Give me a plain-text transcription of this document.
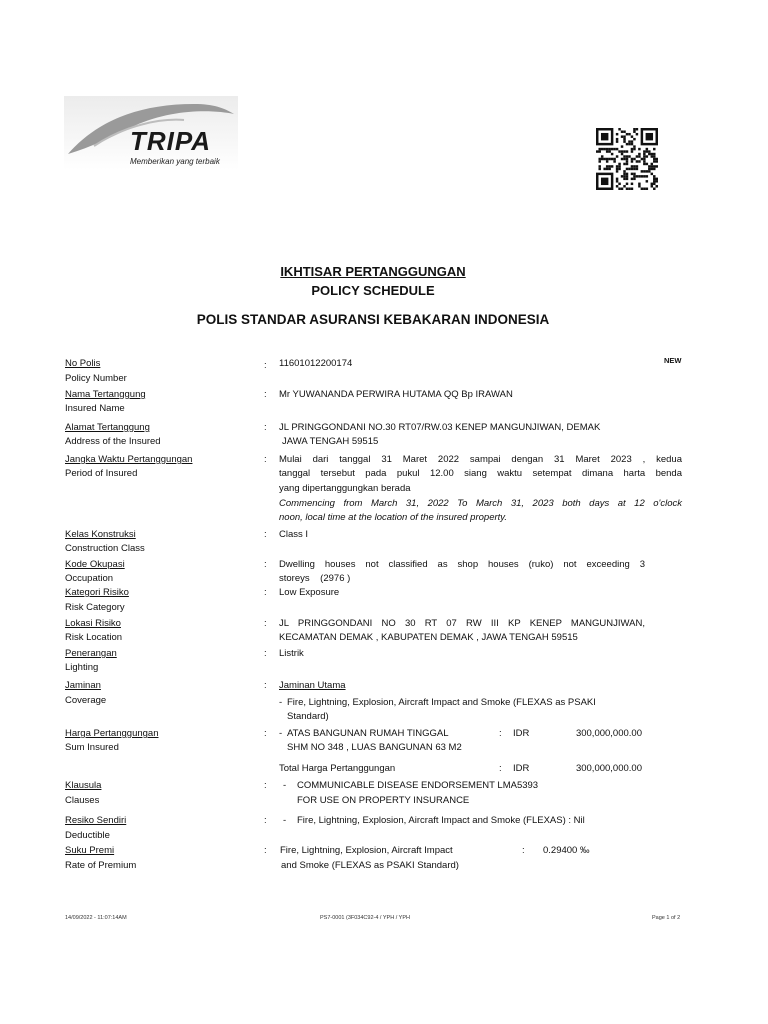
TRIPA
Memberikan yang terbaik
IKHTISAR PERTANGGUNGAN
POLICY SCHEDULE
POLIS STANDAR ASURANSI KEBAKARAN INDONESIA
No Polis
Policy Number
: 11601012200174	NEW
Nama Tertanggung
Insured Name
: Mr YUWANANDA PERWIRA HUTAMA QQ Bp IRAWAN
Alamat Tertanggung
Address of the Insured
: JL PRINGGONDANI NO.30 RT07/RW.03 KENEP MANGUNJIWAN, DEMAK
JAWA TENGAH 59515
Jangka Waktu Pertanggungan
Period of Insured
: Mulai dari tanggal 31 Maret 2022 sampai dengan 31 Maret 2023 , kedua
tanggal tersebut pada pukul 12.00 siang waktu setempat dimana harta benda
yang dipertanggungkan berada
Commencing from March 31, 2022 To March 31, 2023 both days at 12 o'clock
noon, local time at the location of the insured property.
Kelas Konstruksi
Construction Class
: Class I
Kode Okupasi
Occupation
: Dwelling houses not classified as shop houses (ruko) not exceeding 3
storeys    (2976 )
Kategori Risiko
Risk Category
: Low Exposure
Lokasi Risiko
Risk Location
: JL PRINGGONDANI NO 30 RT 07 RW III KP KENEP MANGUNJIWAN,
KECAMATAN DEMAK , KABUPATEN DEMAK , JAWA TENGAH 59515
Penerangan
Lighting
: Listrik
Jaminan
Coverage
: Jaminan Utama
- Fire, Lightning, Explosion, Aircraft Impact and Smoke (FLEXAS as PSAKI
Standard)
Harga Pertanggungan
Sum Insured
: - ATAS BANGUNAN RUMAH TINGGAL
SHM NO 348 , LUAS BANGUNAN 63 M2
: IDR	300,000,000.00
Total Harga Pertanggungan	: IDR	300,000,000.00
Klausula
Clauses
: - COMMUNICABLE DISEASE ENDORSEMENT LMA5393
FOR USE ON PROPERTY INSURANCE
Resiko Sendiri
Deductible
: - Fire, Lightning, Explosion, Aircraft Impact and Smoke (FLEXAS) : Nil
Suku Premi
Rate of Premium
: Fire, Lightning, Explosion, Aircraft Impact
and Smoke (FLEXAS as PSAKI Standard)
: 0.29400 ‰
14/09/2022 - 11:07:14AM	PS7-0001 (3F034C92-4 / YPH / YPH	Page 1 of 2
